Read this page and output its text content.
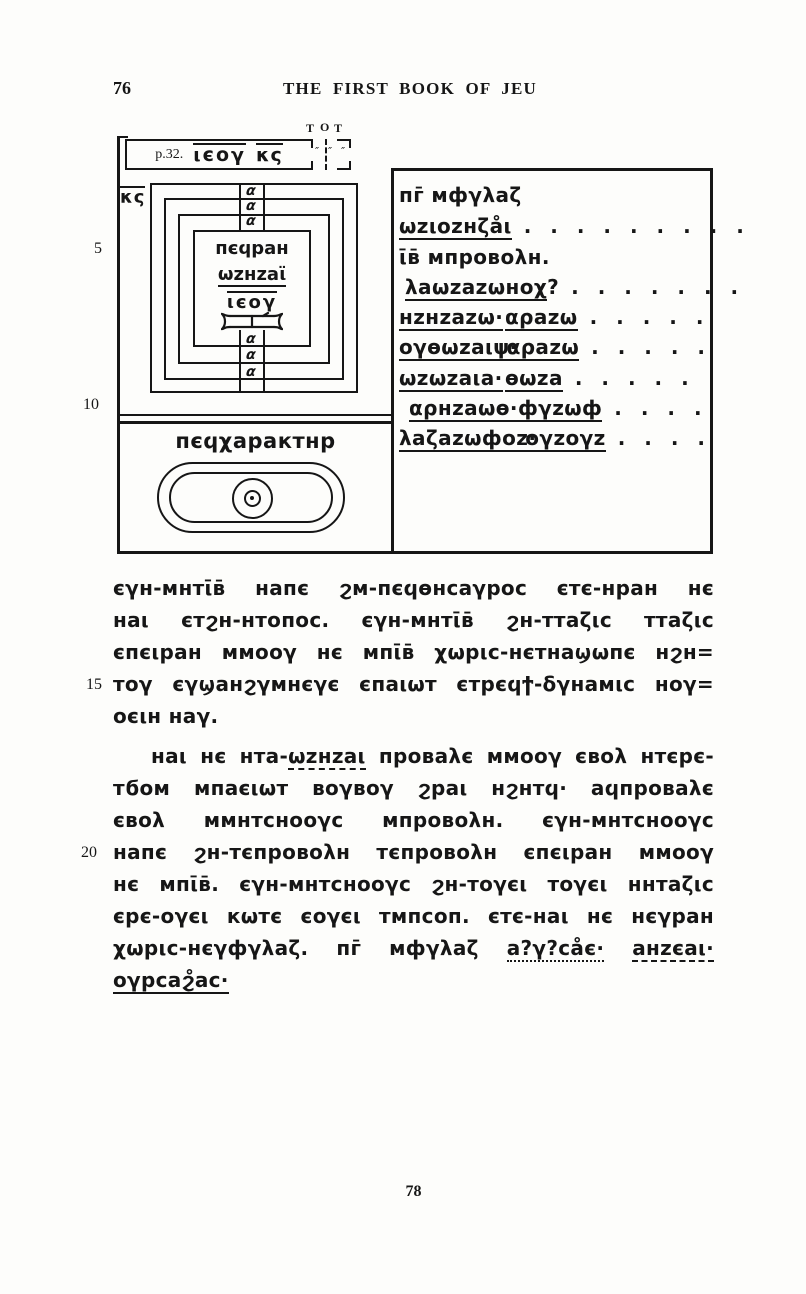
76	THE FIRST BOOK OF JEU
p.32. ιєоγ κς
T O T
″ ″ ″
κς	α
α
α
пєϥран
ωzнzаϊ
ιєоγ
α
α
α
5
10
пєϥχарактнр
пг̄ мфγλаζ
ωzιοzнζа̊ι . . . . . . . . .
ῑв̄ мпровоλн.
λаωzаzωноχ ? . . . . . . .
нzнzаzω· αρаzω . . . . .
оγѳωzаιψ·
αρаzω . . . . .
ωzωzаιа· ѳωzа . . . . .
αρнzаωѳ· фγzωф . . . .
λаζаzωфоz·
оγzоγz . . . .
єγн-мнтῑв̄ напє ϩм-пєϥѳнсаγрос єтє-нран нє
наι єтϩн-нтопос. єγн-мнтῑв̄ ϩн-ттаζιс ттаζιс
єпєιран ммооγ нє мпῑв̄ χωрιс-нєтнаϣωпє нϩн=
тоγ єγϣанϩγмнєγє єпаιωт єтрєϥϯ-δγнамιс ноγ=
оєιн наγ.
наι нє нта-ωzнzаι проваλє ммооγ євоλ нтєрє-
тϭом мпаєιωт воγвоγ ϩраι нϩнтϥ· аϥпроваλє
євоλ ммнтснооγс мпровоλн. єγн-мнтснооγс
напє ϩн-тєпровоλн тєпровоλн єпєιран ммооγ
нє мпῑв̄. єγн-мнтснооγс ϩн-тоγєι тоγєι ннтаζιс
єрє-оγєι кωтє єоγєι тмпсоп. єтє-наι нє нєγран
χωрιс-нєγфγλаζ. пг̄ мфγλаζ а?γ?са̊є· анzєаι·
оγрсаϩ̊ас·
15
20
78
